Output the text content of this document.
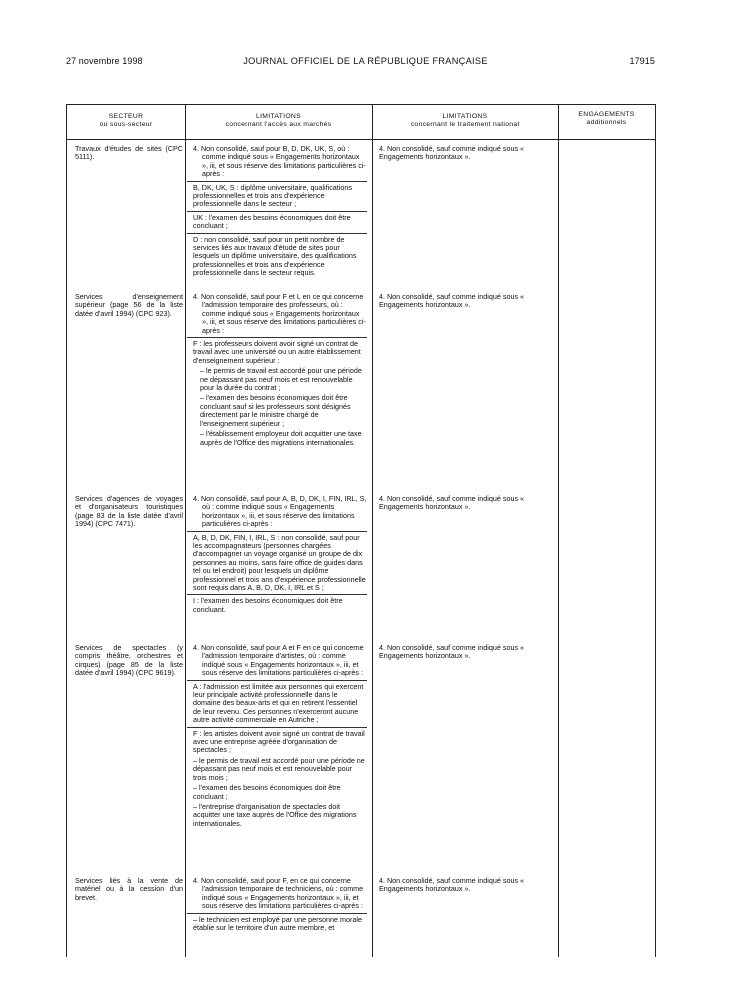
27 novembre 1998	JOURNAL OFFICIEL DE LA RÉPUBLIQUE FRANÇAISE	17915
SECTEUR
ou sous-secteur
LIMITATIONS
concernant l'accès aux marchés
LIMITATIONS
concernant le traitement national
ENGAGEMENTS
additionnels
Travaux d'études de sites (CPC 5111).

4. Non consolidé, sauf pour B, D, DK, UK, S, où : comme indiqué sous « Engagements horizontaux », iii, et sous réserve des limitations particulières ci-après :

B, DK, UK, S : diplôme universitaire, qualifications professionnelles et trois ans d'expérience professionnelle dans le secteur ;

UK : l'examen des besoins économiques doit être concluant ;

D : non consolidé, sauf pour un petit nombre de services liés aux travaux d'étude de sites pour lesquels un diplôme universitaire, des qualifications professionnelles et trois ans d'expérience professionnelle dans le secteur requis.

4. Non consolidé, sauf comme indiqué sous « Engagements horizontaux ».
Services d'enseignement supérieur (page 56 de la liste datée d'avril 1994) (CPC 923).

4. Non consolidé, sauf pour F et L en ce qui concerne l'admission temporaire des professeurs, où : comme indiqué sous « Engagements horizontaux », iii, et sous réserve des limitations particulières ci-après :

F : les professeurs doivent avoir signé un contrat de travail avec une université ou un autre établissement d'enseignement supérieur :

– le permis de travail est accordé pour une période ne dépassant pas neuf mois et est renouvelable pour la durée du contrat ;

– l'examen des besoins économiques doit être concluant sauf si les professeurs sont désignés directement par le ministre chargé de l'enseignement supérieur ;

– l'établissement employeur doit acquitter une taxe auprès de l'Office des migrations internationales.

4. Non consolidé, sauf comme indiqué sous « Engagements horizontaux ».
Services d'agences de voyages et d'organisateurs touristiques (page 83 de la liste datée d'avril 1994) (CPC 7471).

4. Non consolidé, sauf pour A, B, D, DK, I, FIN, IRL, S, où : comme indiqué sous « Engagements horizontaux », iii, et sous réserve des limitations particulières ci-après :

A, B, D, DK, FIN, I, IRL, S : non consolidé, sauf pour les accompagnateurs (personnes chargées d'accompagner un voyage organisé un groupe de dix personnes au moins, sans faire office de guides dans tel ou tel endroit) pour lesquels un diplôme professionnel et trois ans d'expérience professionnelle sont requis dans A, B, D, DK, I, IRL et S ;

I : l'examen des besoins économiques doit être concluant.

4. Non consolidé, sauf comme indiqué sous « Engagements horizontaux ».
Services de spectacles (y compris théâtre, orchestres et cirques) (page 85 de la liste datée d'avril 1994) (CPC 9619).

4. Non consolidé, sauf pour A et F en ce qui concerne l'admission temporaire d'artistes, où : comme indiqué sous « Engagements horizontaux », iii, et sous réserve des limitations particulières ci-après :

A : l'admission est limitée aux personnes qui exercent leur principale activité professionnelle dans le domaine des beaux-arts et qui en retirent l'essentiel de leur revenu. Ces personnes n'exerceront aucune autre activité commerciale en Autriche ;

F : les artistes doivent avoir signé un contrat de travail avec une entreprise agréée d'organisation de spectacles ;

– le permis de travail est accordé pour une période ne dépassant pas neuf mois et est renouvelable pour trois mois ;

– l'examen des besoins économiques doit être concluant ;

– l'entreprise d'organisation de spectacles doit acquitter une taxe auprès de l'Office des migrations internationales.

4. Non consolidé, sauf comme indiqué sous « Engagements horizontaux ».
Services liés à la vente de matériel ou à la cession d'un brevet.

4. Non consolidé, sauf pour F, en ce qui concerne l'admission temporaire de techniciens, où : comme indiqué sous « Engagements horizontaux », iii, et sous réserve des limitations particulières ci-après :

– le technicien est employé par une personne morale établie sur le territoire d'un autre membre, et

4. Non consolidé, sauf comme indiqué sous « Engagements horizontaux ».
